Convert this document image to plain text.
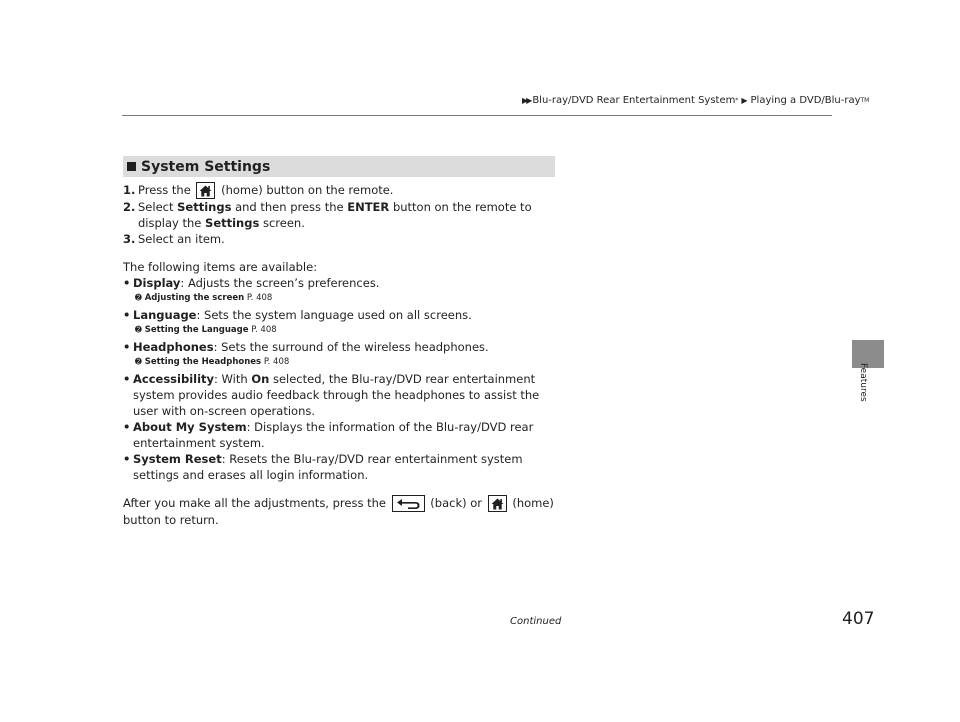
▶▶ Blu-ray/DVD Rear Entertainment System * ▶ Playing a DVD/Blu-ray TM
Features
System Settings
1. Press the	(home) button on the remote.
2. Select Settings and then press the ENTER button on the remote to display the Settings screen.
3. Select an item.

The following items are available:

• Display: Adjusts the screen’s preferences.
➋ Adjusting the screen P. 408
• Language: Sets the system language used on all screens.
➋ Setting the Language P. 408
• Headphones: Sets the surround of the wireless headphones.
➋ Setting the Headphones P. 408
• Accessibility: With On selected, the Blu-ray/DVD rear entertainment system provides audio feedback through the headphones to assist the user with on-screen operations.
• About My System: Displays the information of the Blu-ray/DVD rear entertainment system.
• System Reset: Resets the Blu-ray/DVD rear entertainment system settings and erases all login information.

After you make all the adjustments, press the	(back) or	(home) button to return.

Continued	407
